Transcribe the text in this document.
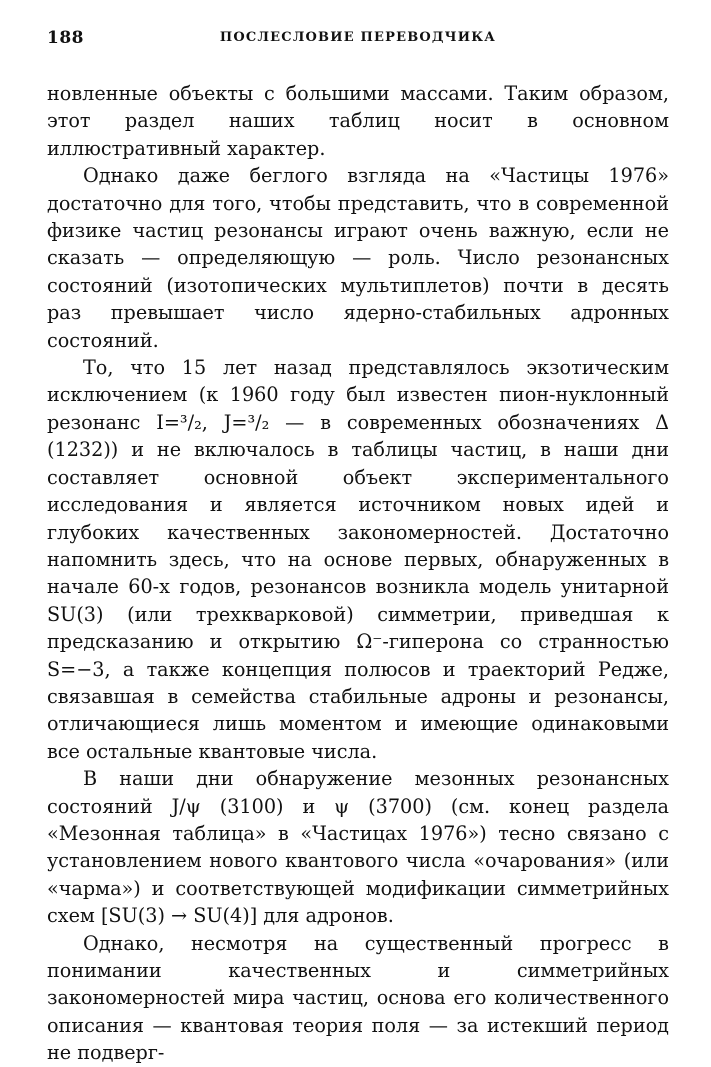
188	ПОСЛЕСЛОВИЕ ПЕРЕВОДЧИКА

новленные объекты с большими массами. Таким образом, этот раздел наших таблиц носит в основном иллюстративный характер.

Однако даже беглого взгляда на «Частицы 1976» достаточно для того, чтобы представить, что в современной физике частиц резонансы играют очень важную, если не сказать — определяющую — роль. Число резонансных состояний (изотопических мультиплетов) почти в десять раз превышает число ядерно-стабильных адронных состояний.

То, что 15 лет назад представлялось экзотическим исключением (к 1960 году был известен пион-нуклонный резонанс I=³/₂, J=³/₂ — в современных обозначениях Δ (1232)) и не включалось в таблицы частиц, в наши дни составляет основной объект экспериментального исследования и является источником новых идей и глубоких качественных закономерностей. Достаточно напомнить здесь, что на основе первых, обнаруженных в начале 60-х годов, резонансов возникла модель унитарной SU(3) (или трехкварковой) симметрии, приведшая к предсказанию и открытию Ω⁻-гиперона со странностью S=−3, а также концепция полюсов и траекторий Редже, связавшая в семейства стабильные адроны и резонансы, отличающиеся лишь моментом и имеющие одинаковыми все остальные квантовые числа.

В наши дни обнаружение мезонных резонансных состояний J/ψ (3100) и ψ (3700) (см. конец раздела «Мезонная таблица» в «Частицах 1976») тесно связано с установлением нового квантового числа «очарования» (или «чарма») и соответствующей модификации симметрийных схем [SU(3) → SU(4)] для адронов.

Однако, несмотря на существенный прогресс в понимании качественных и симметрийных закономерностей мира частиц, основа его количественного описания — квантовая теория поля — за истекший период не подверг-
